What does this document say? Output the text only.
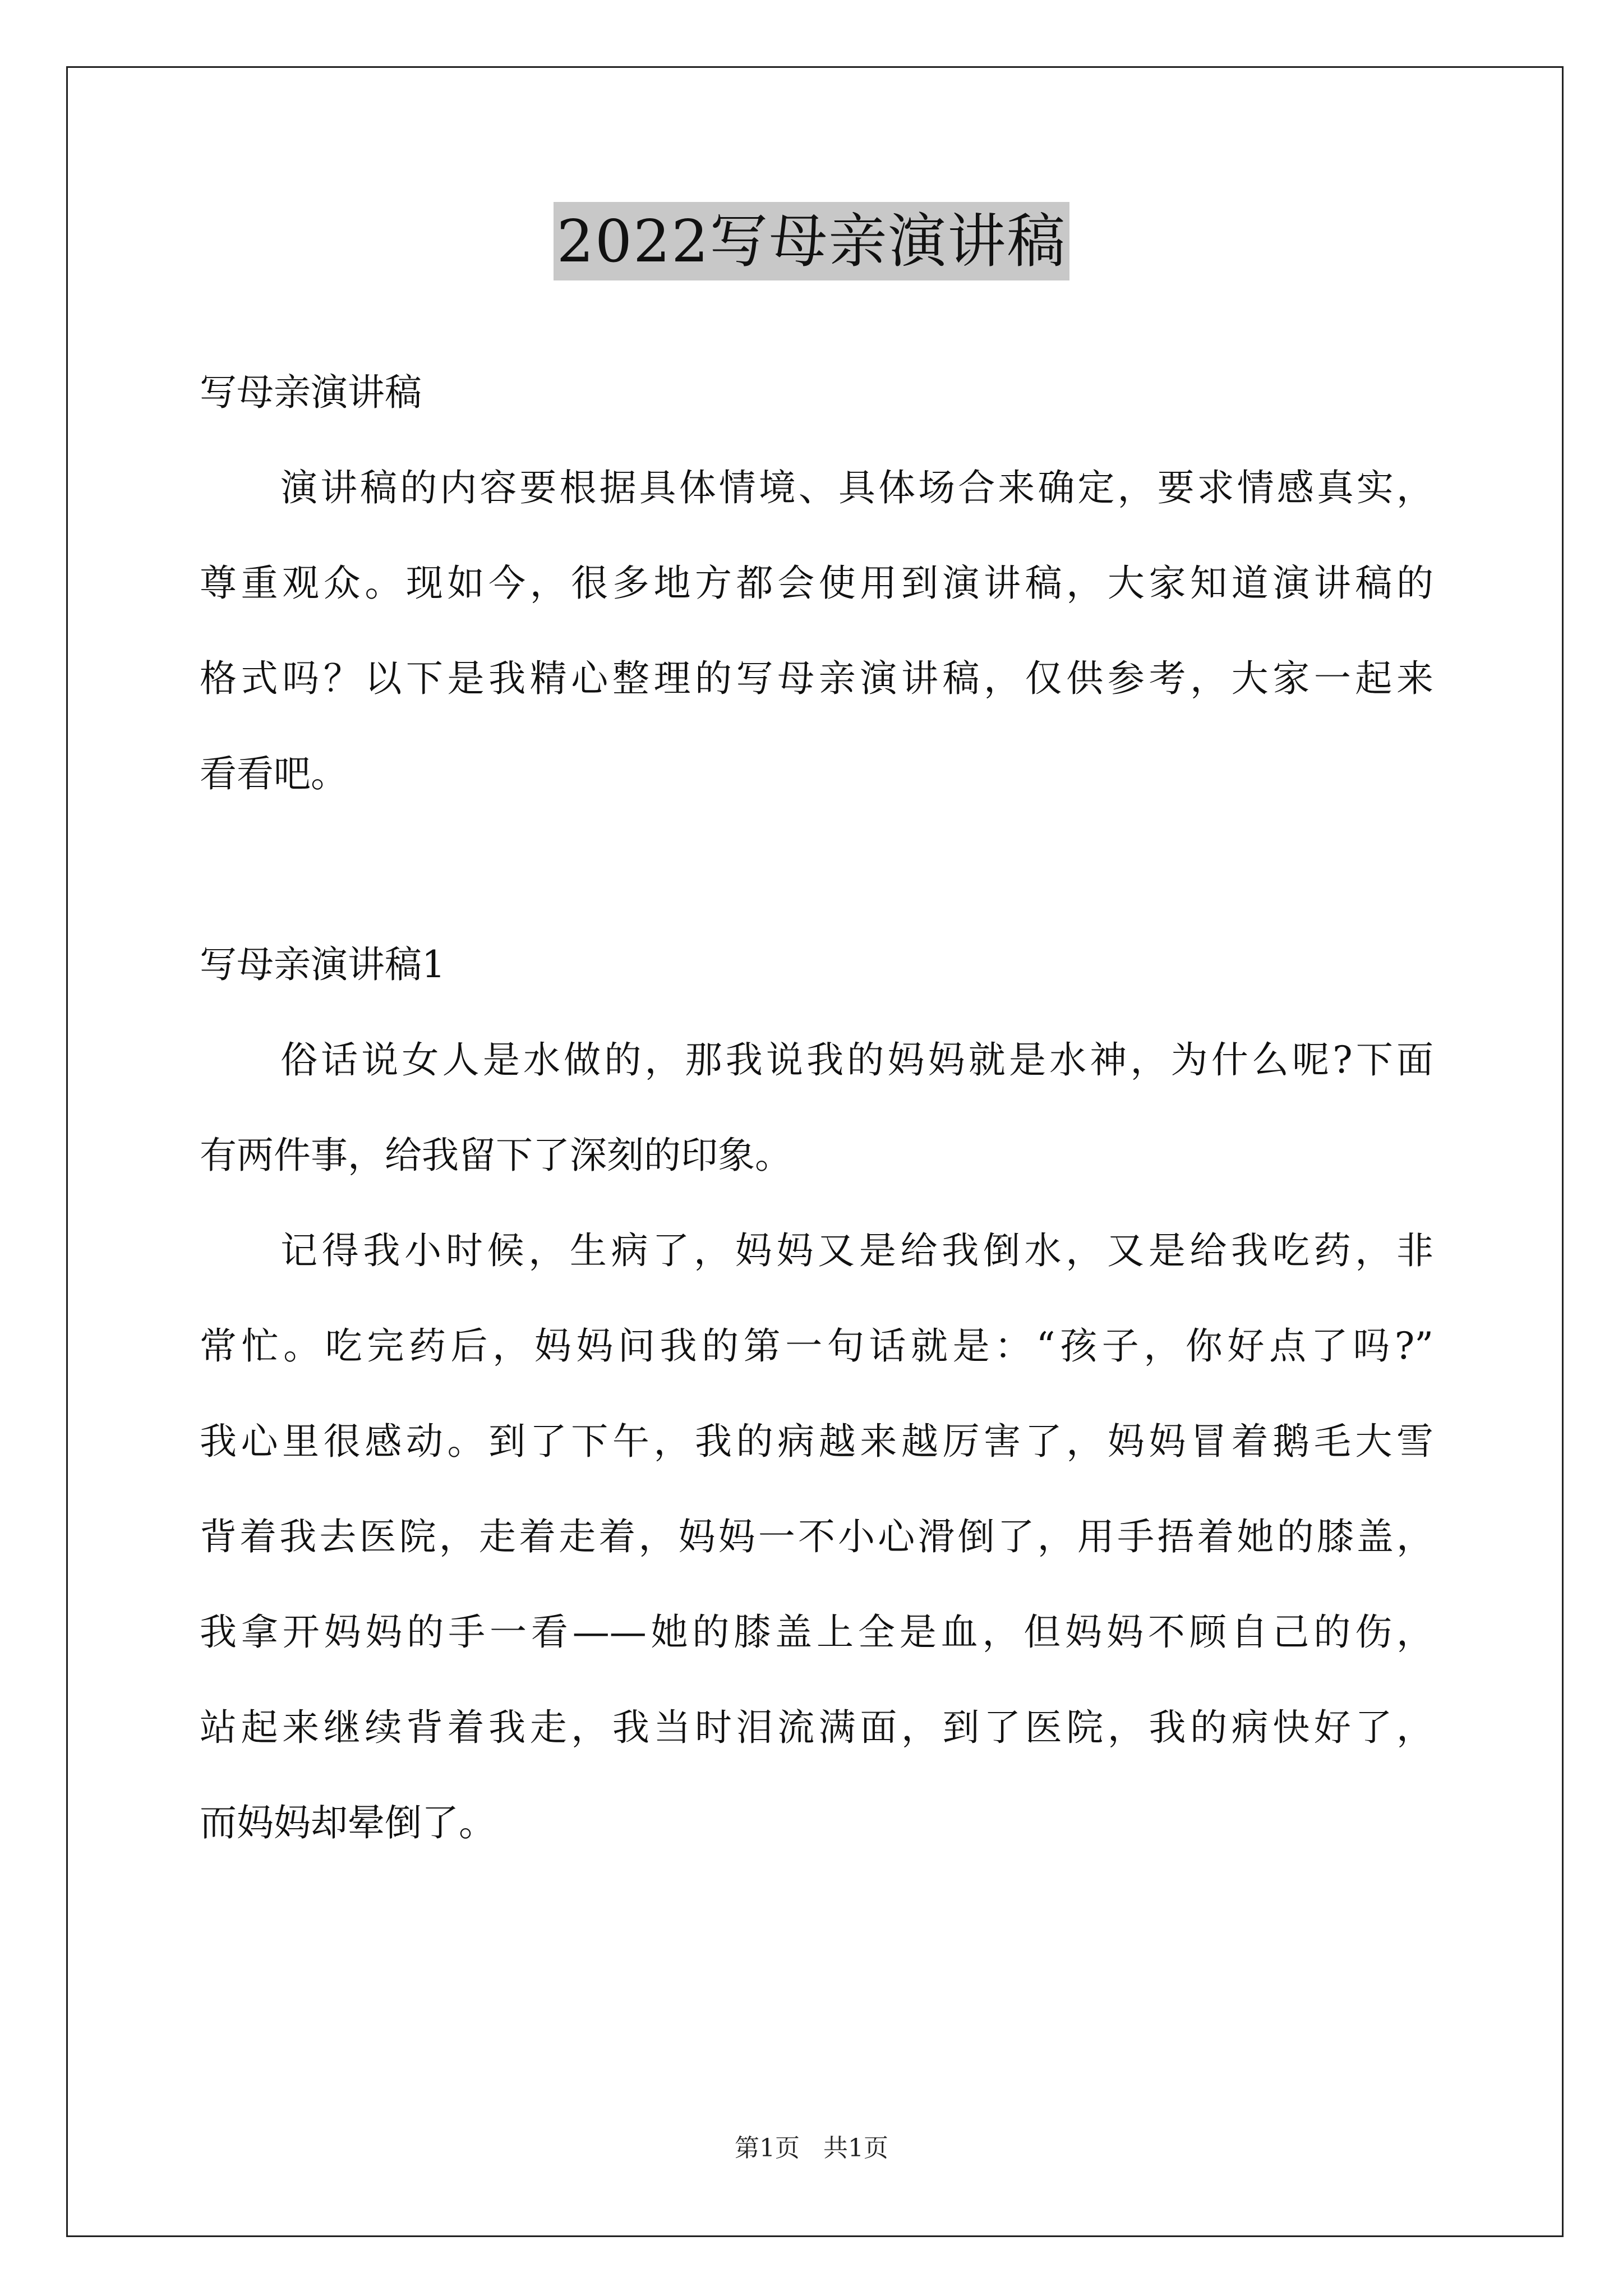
2022写母亲演讲稿
写母亲演讲稿
演讲稿的内容要根据具体情境、具体场合来确定，要求情感真实，
尊重观众。现如今，很多地方都会使用到演讲稿，大家知道演讲稿的
格式吗？以下是我精心整理的写母亲演讲稿，仅供参考，大家一起来
看看吧。
写母亲演讲稿1
俗话说女人是水做的，那我说我的妈妈就是水神，为什么呢?下面
有两件事，给我留下了深刻的印象。
记得我小时候，生病了，妈妈又是给我倒水，又是给我吃药，非
常忙。吃完药后，妈妈问我的第一句话就是：“孩子，你好点了吗?”
我心里很感动。到了下午，我的病越来越厉害了，妈妈冒着鹅毛大雪
背着我去医院，走着走着，妈妈一不小心滑倒了，用手捂着她的膝盖，
我拿开妈妈的手一看——她的膝盖上全是血，但妈妈不顾自己的伤，
站起来继续背着我走，我当时泪流满面，到了医院，我的病快好了，
而妈妈却晕倒了。
第1页 共1页
